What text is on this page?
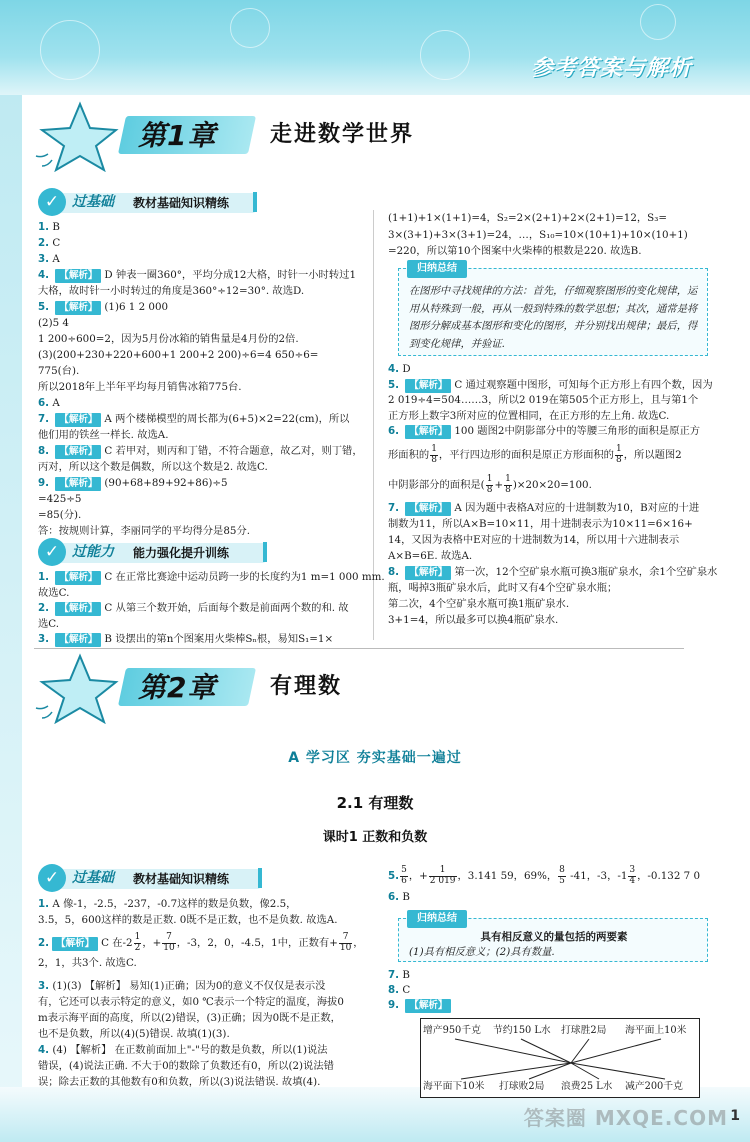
参考答案与解析
答案圈 MXQE.COM 1
第1章 走进数学世界
✓ 过基础 教材基础知识精练
1. B
2. C
3. A
4. 【解析】 D 钟表一圈360°，平均分成12大格，时针一小时转过1
大格，故时针一小时转过的角度是360°÷12=30°. 故选D.
5. 【解析】 (1)6 1 2 000
(2)5 4
1 200÷600=2，因为5月份冰箱的销售量是4月份的2倍.
(3)(200+230+220+600+1 200+2 200)÷6=4 650÷6=
775(台).
所以2018年上半年平均每月销售冰箱775台.
6. A
7. 【解析】 A 两个楼梯模型的周长都为(6+5)×2=22(cm)，所以
他们用的铁丝一样长. 故选A.
8. 【解析】 C 若甲对，则丙和丁错，不符合题意，故乙对，则丁错，
丙对，所以这个数是偶数，所以这个数是2. 故选C.
9. 【解析】 (90+68+89+92+86)÷5
=425÷5
=85(分).
答：按规则计算，李丽同学的平均得分是85分.
✓ 过能力 能力强化提升训练
1. 【解析】 C 在正常比赛途中运动员跨一步的长度约为1 m=1 000 mm.
故选C.
2. 【解析】 C 从第三个数开始，后面每个数是前面两个数的和. 故
选C.
3. 【解析】 B 设摆出的第n个图案用火柴棒Sₙ根，易知S₁=1×
(1+1)+1×(1+1)=4，S₂=2×(2+1)+2×(2+1)=12，S₃=
3×(3+1)+3×(3+1)=24，…，S₁₀=10×(10+1)+10×(10+1)
=220，所以第10个图案中火柴棒的根数是220. 故选B.
归纳总结
在图形中寻找规律的方法：首先，仔细观察图形的变化规律，运用从特殊到一般，再从一般到特殊的数学思想；其次，通常是将图形分解成基本图形和变化的图形，并分别找出规律；最后，得到变化规律，并验证.
4. D
5. 【解析】 C 通过观察题中图形，可知每个正方形上有四个数，因为
2 019÷4=504……3，所以2 019在第505个正方形上，且与第1个
正方形上数字3所对应的位置相同，在正方形的左上角. 故选C.
6. 【解析】 100 题图2中阴影部分中的等腰三角形的面积是原正方
形面积的 $\frac{1}{8}$ ，平行四边形的面积是原正方形面积的 $\frac{1}{8}$ ，所以题图2
中阴影部分的面积是( $\frac{1}{8} + \frac{1}{8} )\times 20\times 20=100$.
7. 【解析】 A 因为题中表格A对应的十进制数为10，B对应的十进
制数为11，所以A×B=10×11，用十进制表示为10×11=6×16+
14，又因为表格中E对应的十进制数为14，所以用十六进制表示
A×B=6E. 故选A.
8. 【解析】 第一次，12个空矿泉水瓶可换3瓶矿泉水，余1个空矿泉水
瓶，喝掉3瓶矿泉水后，此时又有4个空矿泉水瓶；
第二次，4个空矿泉水瓶可换1瓶矿泉水.
3+1=4，所以最多可以换4瓶矿泉水.
第2章 有理数
A 学习区 夯实基础一遍过
2.1 有理数
课时1 正数和负数
✓ 过基础 教材基础知识精练
1. A 像-1，-2.5，-237，-0.7这样的数是负数，像2.5，
3.5，5，600这样的数是正数. 0既不是正数，也不是负数. 故选A.
2. 【解析】 C 在$-2 \frac{1}{2}$ ，+ $\frac{7}{10}$ ，-3，2，0，-4.5，1中，正数有+ $\frac{7}{10}$ ，
2，1，共3个. 故选C.
3. (1)(3) 【解析】 易知(1)正确；因为0的意义不仅仅是表示没
有，它还可以表示特定的意义，如0 ℃表示一个特定的温度，海拔0
m表示海平面的高度，所以(2)错误，(3)正确；因为0既不是正数，
也不是负数，所以(4)(5)错误. 故填(1)(3).
4. (4) 【解析】 在正数前面加上"-"号的数是负数，所以(1)说法
错误，(4)说法正确. 不大于0的数除了负数还有0，所以(2)说法错
误；除去正数的其他数有0和负数，所以(3)说法错误. 故填(4).
5. $\frac{5}{6}$ ，+ $\frac{1}{2 019}$ ，3.141 59，69%， $\frac{8}{5} -41$，-3，$-1 \frac{3}{4}$ ，-0.132 7 0
6. B
归纳总结
具有相反意义的量包括的两要素
(1)具有相反意义；(2)具有数量.
7. B
8. C
9. 【解析】
增产950千克 节约150 L水 打球胜2局 海平面上10米
海平面下10米 打球败2局 浪费25 L水 减产200千克
